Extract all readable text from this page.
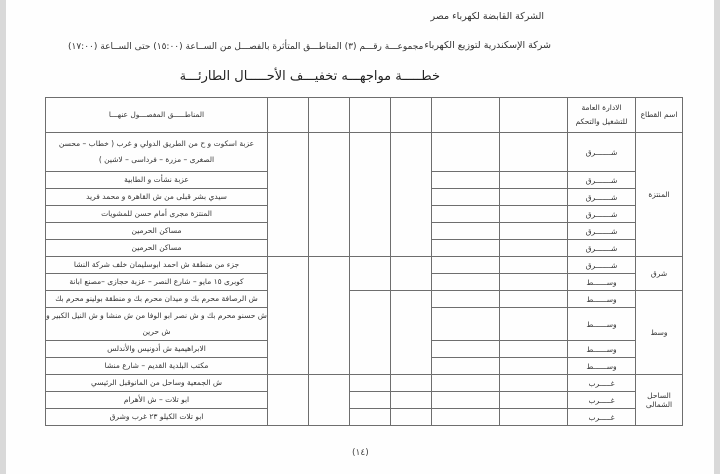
الشركة القابضة لكهرباء مصر
شركة الإسكندرية لتوزيع الكهرباء
مجموعـــة رقـــم (٣) المناطـــق المتأثرة بالفصـــل من الســاعة (١٥:٠٠) حتى الســاعة (١٧:٠٠)
خطـــــة مواجهـــه تخفيـــف الأحـــــال الطارئـــة
اسم القطاع	الادارة العامة للتشغيل والتحكم							المناطـــــق المفصـــول عنهـــا
المنتزة	شـــــــرق							عزبة اسكوت و ح من الطريق الدولي و غرب ( خطاب – محسن الصغرى – مزرة – فرداسى – لاشين )
	شـــــــرق							عزبة نشأت و الطابية
	شـــــــرق							سيدي بشر قبلى من ش القاهرة و محمد فريد
	شـــــــرق							المنتزة مجرى أمام حسن للمشويات
	شـــــــرق							مساكن الحرمين
	شـــــــرق							مساكن الحرمين
شرق	شـــــــرق							جزء من منطقة ش احمد ابوسليمان خلف شركة النشا
	وســــــط							كوبرى ١٥ مايو – شارع النصر – عزبة حجازى –مصنع ابانة
وسط	وســــــط							ش الرصافة محرم بك و ميدان محرم بك و منطقة بولينو محرم بك
	وســــــط							ش حسنو محرم بك و ش نصر ابو الوفا من ش منشا و ش النيل الكبير و ش حرين
	وســــــط							الابراهيمية ش أدونيس والأندلس
	وســــــط							مكتب البلدية القديم – شارع منشا
الساحل الشمالى	غـــــرب							ش الجمعية وساحل من المانوقبل الرئيسي
	غـــــرب							ابو تلات – ش الأهرام
	غـــــرب							ابو تلات الكيلو ٢٣ غرب وشرق
(١٤)
